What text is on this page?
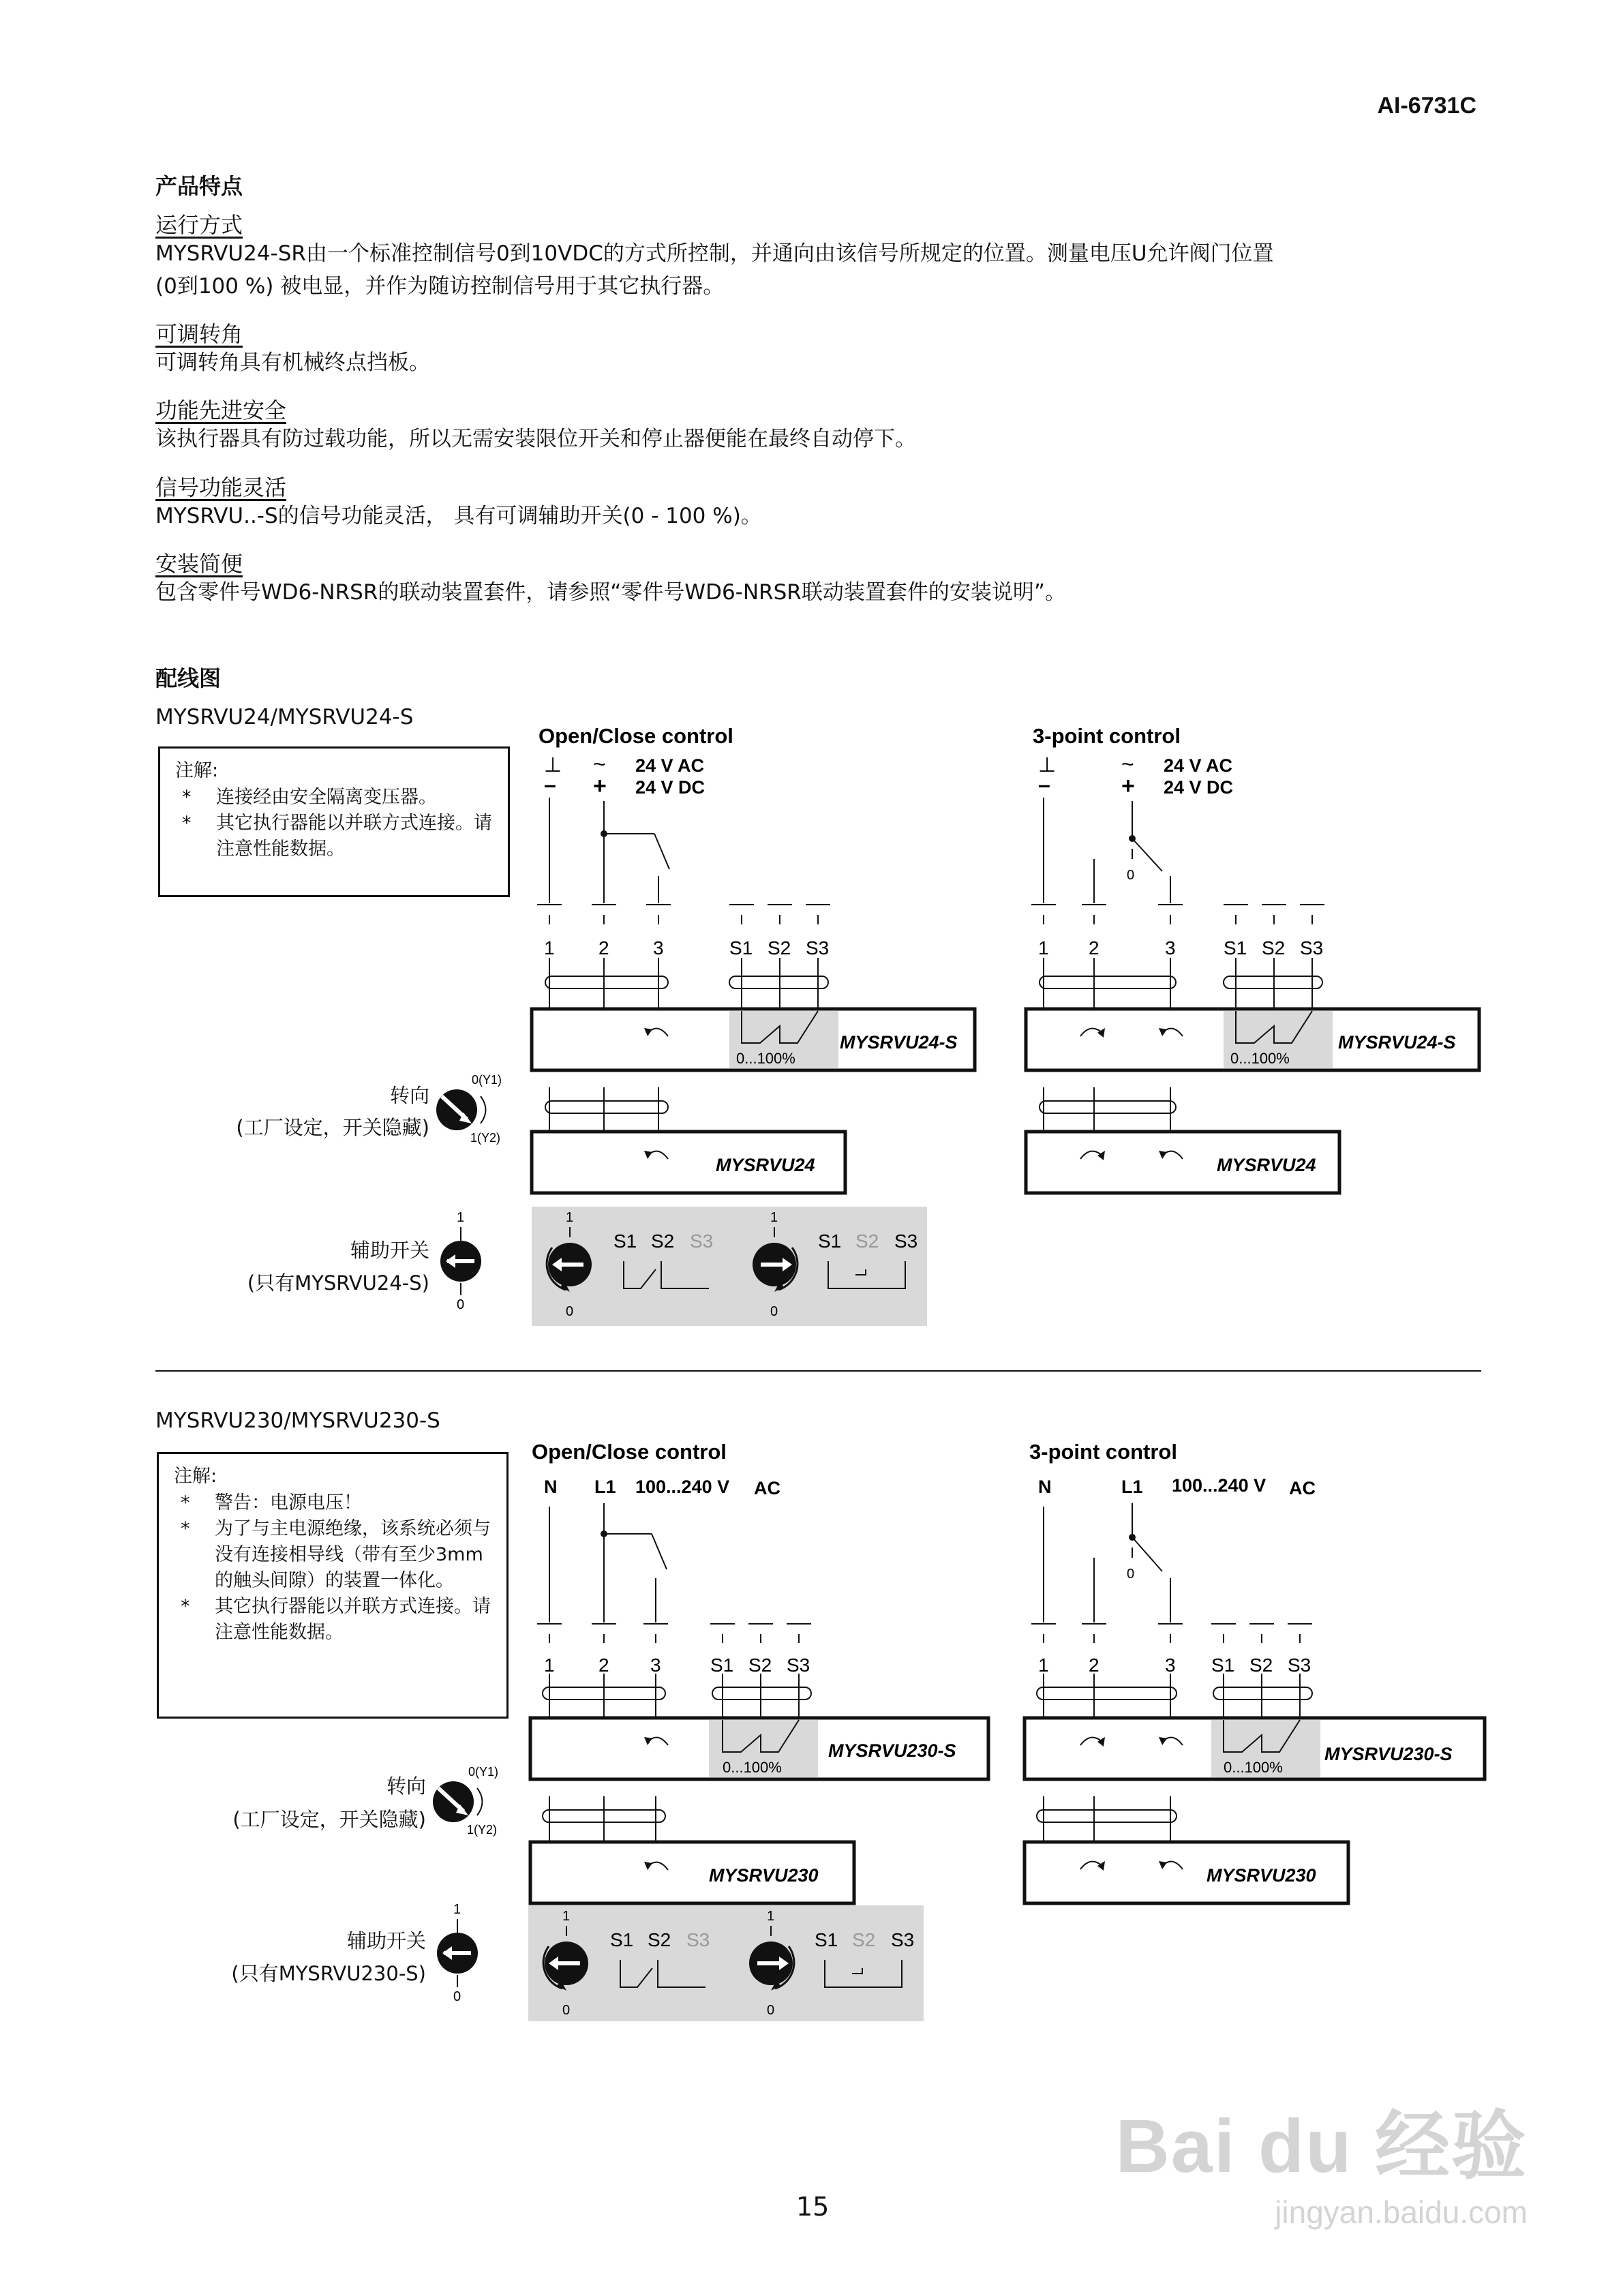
AI-6731C
产品特点
运行方式
MYSRVU24-SR由一个标准控制信号0到10VDC的方式所控制，并通向由该信号所规定的位置。测量电压U允许阀门位置
(0到100 %) 被电显，并作为随访控制信号用于其它执行器。
可调转角
可调转角具有机械终点挡板。
功能先进安全
该执行器具有防过载功能，所以无需安装限位开关和停止器便能在最终自动停下。
信号功能灵活
MYSRVU..-S的信号功能灵活， 具有可调辅助开关(0 - 100 %)。
安装简便
包含零件号WD6-NRSR的联动装置套件，请参照“零件号WD6-NRSR联动装置套件的安装说明”。
配线图
MYSRVU24/MYSRVU24-S
注解:
* 连接经由安全隔离变压器。
* 其它执行器能以并联方式连接。请注意性能数据。
Open/Close control
⊥
–
~
+
24 V AC
24 V DC
1 2 3	S1 S2 S3
0...100%
MYSRVU24-S
MYSRVU24
3-point control
⊥
–
~
+
24 V AC
24 V DC
0
1 2	3	S1 S2 S3
0...100%
MYSRVU24-S
MYSRVU24
转向
(工厂设定，开关隐藏)
0(Y1)
1(Y2)
辅助开关
(只有MYSRVU24-S)
1
0
1
0
S1 S2 S3
1
0
S1 S2 S3
MYSRVU230/MYSRVU230-S
注解:
* 警告：电源电压！
* 为了与主电源绝缘，该系统必须与没有连接相导线（带有至少3mm的触头间隙）的装置一体化。
* 其它执行器能以并联方式连接。请注意性能数据。
Open/Close control
N L1 100...240 V AC
1 2 3	S1 S2 S3
0...100%
MYSRVU230-S
MYSRVU230
3-point control
N	L1 100...240 V AC
0
1 2	3 S1 S2 S3
0...100%
MYSRVU230-S
MYSRVU230
转向
(工厂设定，开关隐藏)
0(Y1)
1(Y2)
辅助开关
(只有MYSRVU230-S)
1
0
1
0
S1 S2 S3
1
0
S1 S2 S3
15
Bai du 经验
jingyan.baidu.com
